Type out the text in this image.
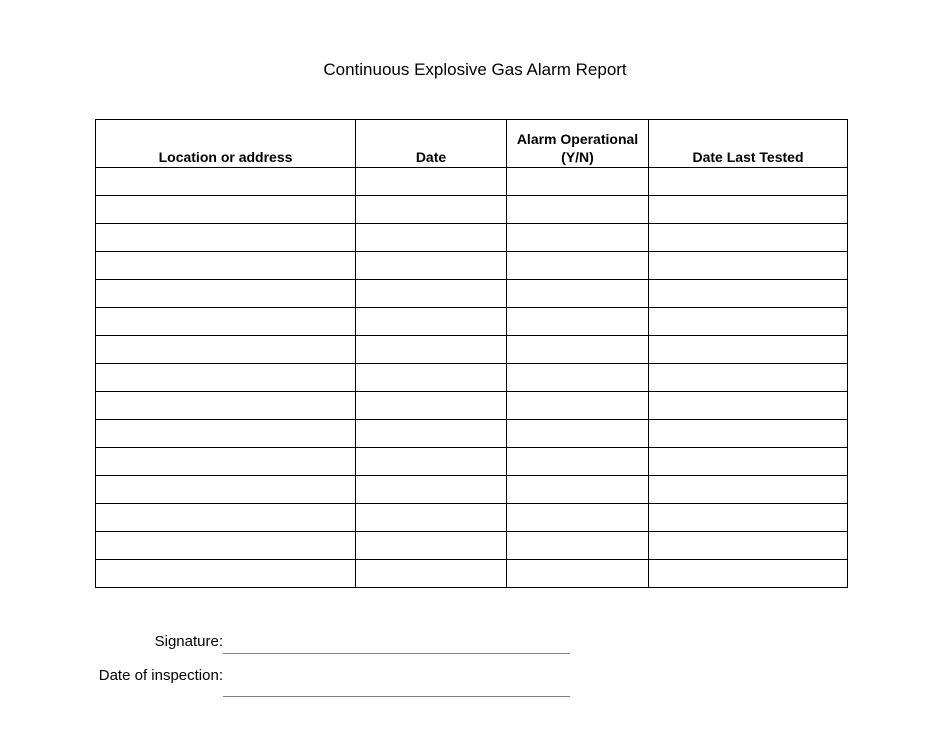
Continuous Explosive Gas Alarm Report
Location or address	Date	Alarm Operational (Y/N)	Date Last Tested

Signature:
Date of inspection:
